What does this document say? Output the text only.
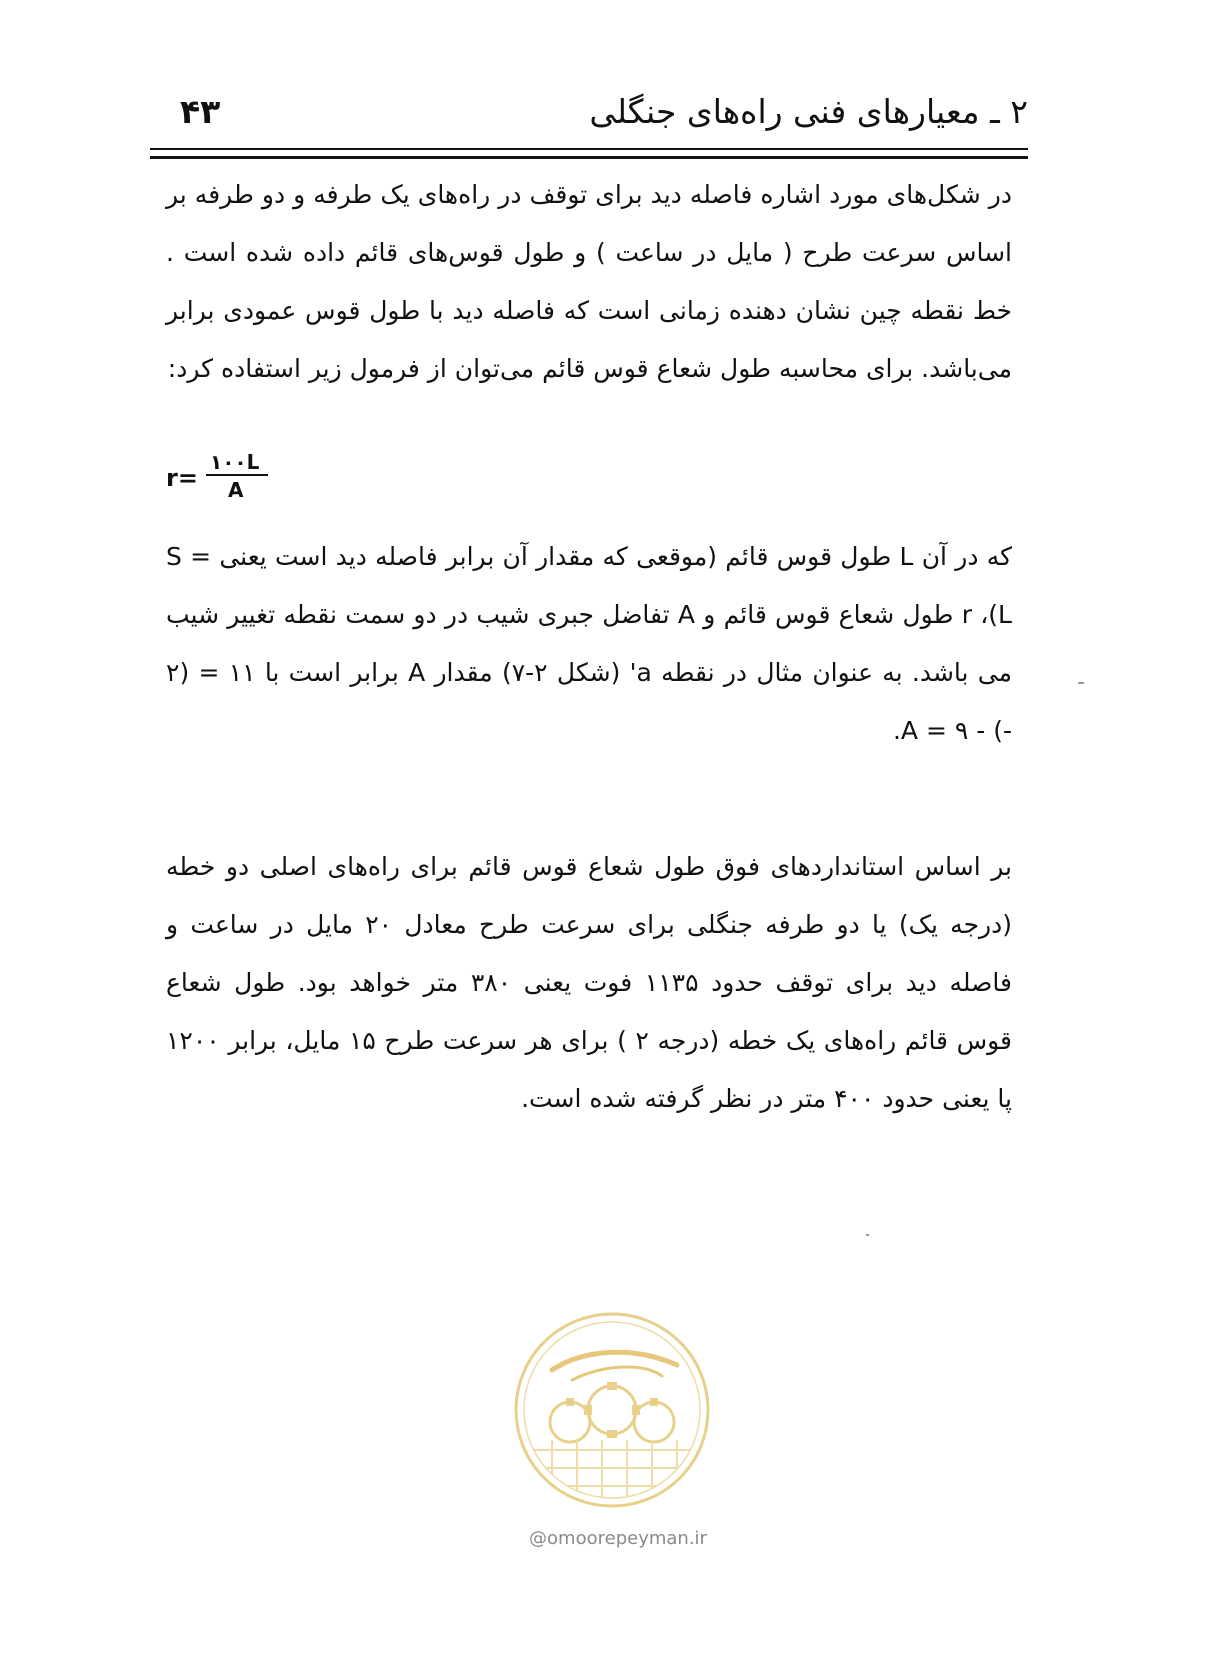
۲ ـ معیارهای فنی راه‌های جنگلی
۴۳

در شکل‌های مورد اشاره فاصله دید برای توقف در راه‌های یک طرفه و دو طرفه بر اساس سرعت طرح ( مایل در ساعت ) و طول قوس‌های قائم داده شده است . خط نقطه چین نشان دهنده زمانی است که فاصله دید با طول قوس عمودی برابر می‌باشد. برای محاسبه طول شعاع قوس قائم می‌توان از فرمول زیر استفاده کرد:

r=
۱۰۰L
A

که در آن L طول قوس قائم (موقعی که مقدار آن برابر فاصله دید است یعنی S = L)، r طول شعاع قوس قائم و A تفاضل جبری شیب در دو سمت نقطه تغییر شیب می باشد. به عنوان مثال در نقطه a' (شکل ۲-۷) مقدار A برابر است با ۱۱ = (۲ -) - ۹ = A.

بر اساس استانداردهای فوق طول شعاع قوس قائم برای راه‌های اصلی دو خطه (درجه یک) یا دو طرفه جنگلی برای سرعت طرح معادل ۲۰ مایل در ساعت و فاصله دید برای توقف حدود ۱۱۳۵ فوت یعنی ۳۸۰ متر خواهد بود. طول شعاع قوس قائم راه‌های یک خطه (درجه ۲ ) برای هر سرعت طرح ۱۵ مایل، برابر ۱۲۰۰ پا یعنی حدود ۴۰۰ متر در نظر گرفته شده است.

@omoorepeyman.ir
